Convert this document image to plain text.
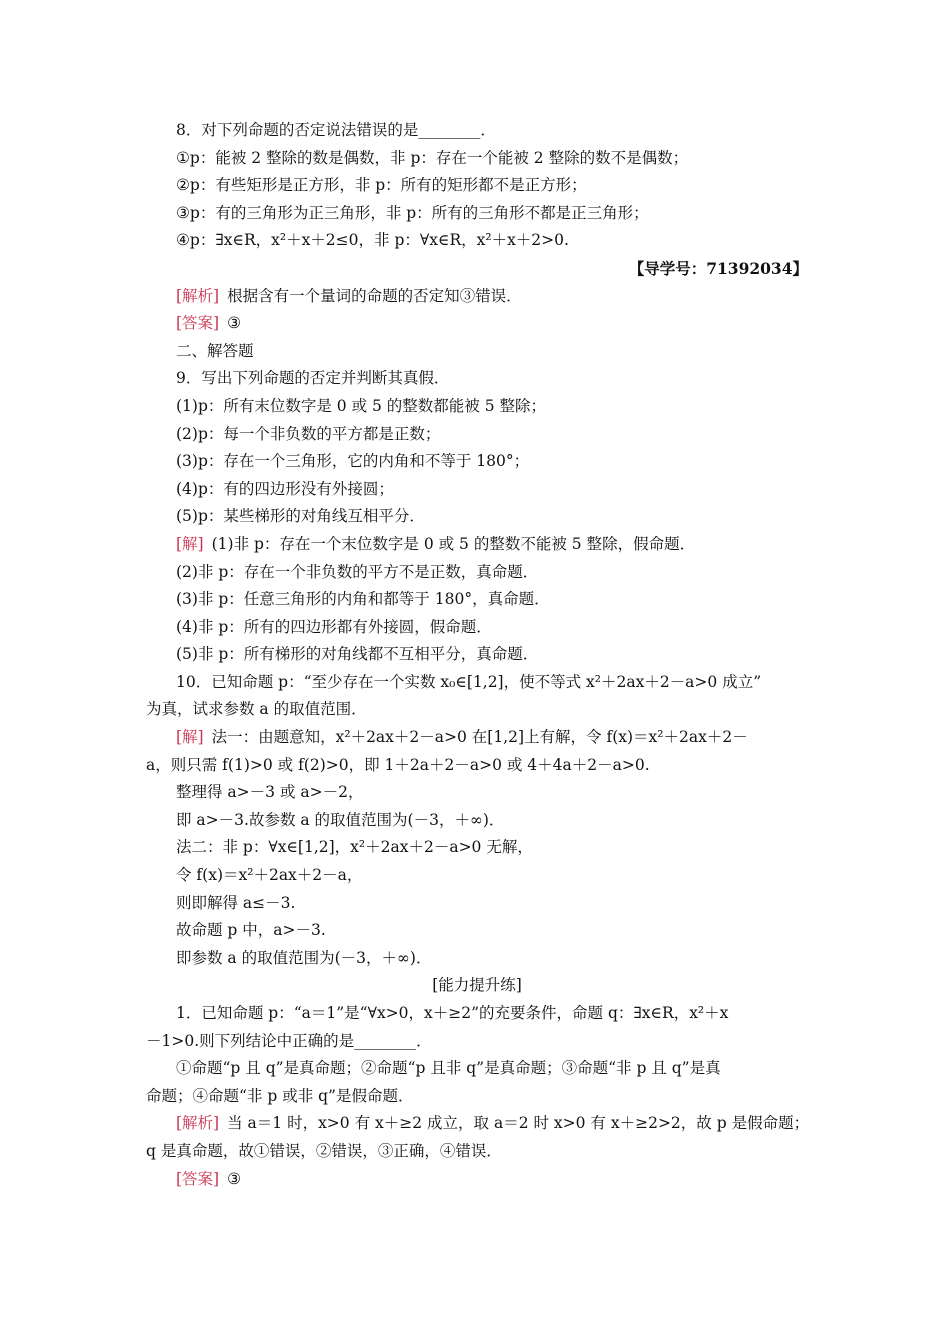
8．对下列命题的否定说法错误的是________．
①p：能被 2 整除的数是偶数，非 p：存在一个能被 2 整除的数不是偶数；
②p：有些矩形是正方形，非 p：所有的矩形都不是正方形；
③p：有的三角形为正三角形，非 p：所有的三角形不都是正三角形；
④p：∃x∈R，x²＋x＋2≤0，非 p：∀x∈R，x²＋x＋2>0.
【导学号：71392034】
[解析] 根据含有一个量词的命题的否定知③错误．
[答案] ③
二、解答题
9．写出下列命题的否定并判断其真假．
(1)p：所有末位数字是 0 或 5 的整数都能被 5 整除；
(2)p：每一个非负数的平方都是正数；
(3)p：存在一个三角形，它的内角和不等于 180°；
(4)p：有的四边形没有外接圆；
(5)p：某些梯形的对角线互相平分．
[解] (1)非 p：存在一个末位数字是 0 或 5 的整数不能被 5 整除，假命题．
(2)非 p：存在一个非负数的平方不是正数，真命题．
(3)非 p：任意三角形的内角和都等于 180°，真命题．
(4)非 p：所有的四边形都有外接圆，假命题．
(5)非 p：所有梯形的对角线都不互相平分，真命题．
10．已知命题 p：“至少存在一个实数 x₀∈[1,2]，使不等式 x²＋2ax＋2－a>0 成立”
为真，试求参数 a 的取值范围．
[解] 法一：由题意知，x²＋2ax＋2－a>0 在[1,2]上有解，令 f(x)＝x²＋2ax＋2－
a，则只需 f(1)>0 或 f(2)>0，即 1＋2a＋2－a>0 或 4＋4a＋2－a>0.
整理得 a>－3 或 a>－2，
即 a>－3.故参数 a 的取值范围为(－3，＋∞)．
法二：非 p：∀x∈[1,2]，x²＋2ax＋2－a>0 无解，
令 f(x)＝x²＋2ax＋2－a，
则即解得 a≤－3.
故命题 p 中，a>－3.
即参数 a 的取值范围为(－3，＋∞)．
[能力提升练]
1．已知命题 p：“a＝1”是“∀x>0，x＋≥2”的充要条件，命题 q：∃x∈R，x²＋x
－1>0.则下列结论中正确的是________．
①命题“p 且 q”是真命题；②命题“p 且非 q”是真命题；③命题“非 p 且 q”是真
命题；④命题“非 p 或非 q”是假命题．
[解析] 当 a＝1 时，x>0 有 x＋≥2 成立，取 a＝2 时 x>0 有 x＋≥2>2，故 p 是假命题；
q 是真命题，故①错误，②错误，③正确，④错误．
[答案] ③
